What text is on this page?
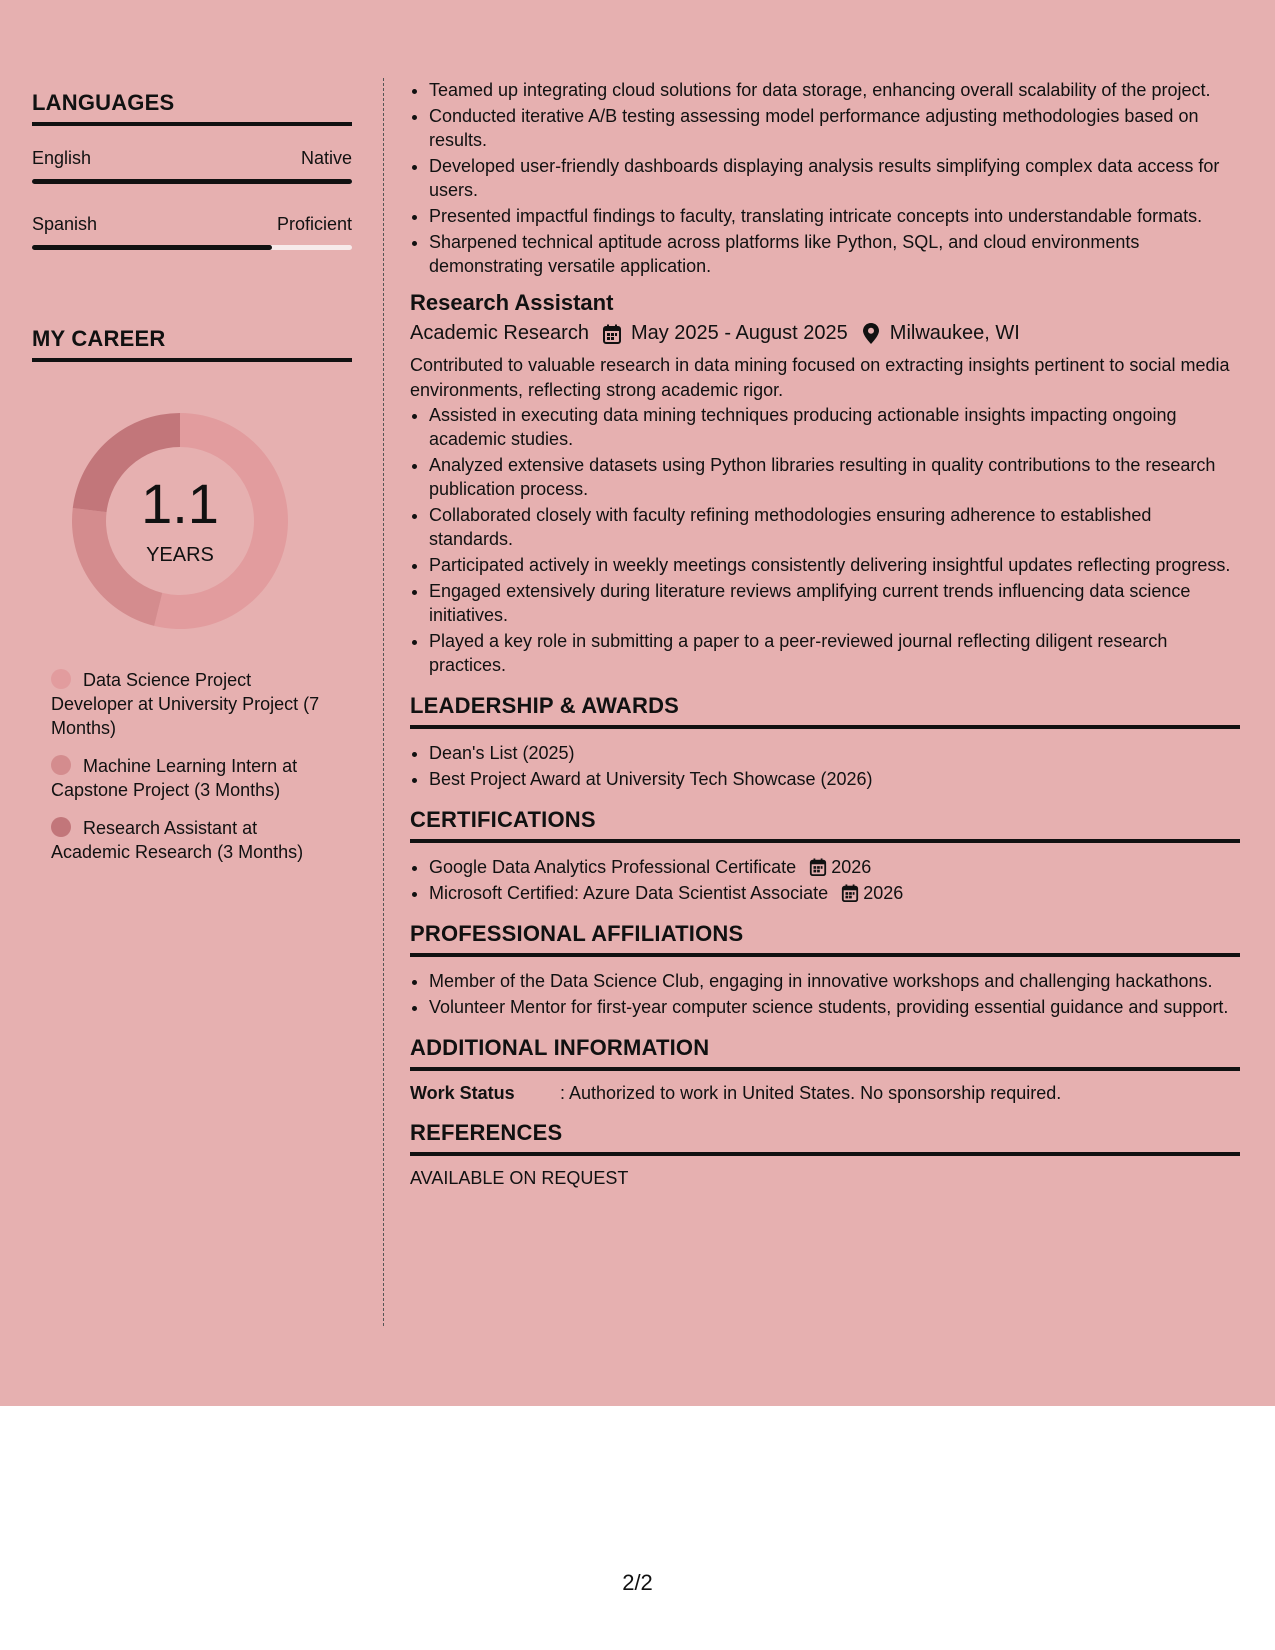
LANGUAGES
English	Native
Spanish	Proficient
MY CAREER
1.1
YEARS
Data Science Project Developer at University Project (7 Months)
Machine Learning Intern at Capstone Project (3 Months)
Research Assistant at Academic Research (3 Months)
• Teamed up integrating cloud solutions for data storage, enhancing overall scalability of the project.
• Conducted iterative A/B testing assessing model performance adjusting methodologies based on results.
• Developed user-friendly dashboards displaying analysis results simplifying complex data access for users.
• Presented impactful findings to faculty, translating intricate concepts into understandable formats.
• Sharpened technical aptitude across platforms like Python, SQL, and cloud environments demonstrating versatile application.
Research Assistant
Academic Research May 2025 - August 2025 Milwaukee, WI
Contributed to valuable research in data mining focused on extracting insights pertinent to social media environments, reflecting strong academic rigor.
• Assisted in executing data mining techniques producing actionable insights impacting ongoing academic studies.
• Analyzed extensive datasets using Python libraries resulting in quality contributions to the research publication process.
• Collaborated closely with faculty refining methodologies ensuring adherence to established standards.
• Participated actively in weekly meetings consistently delivering insightful updates reflecting progress.
• Engaged extensively during literature reviews amplifying current trends influencing data science initiatives.
• Played a key role in submitting a paper to a peer-reviewed journal reflecting diligent research practices.
LEADERSHIP & AWARDS
• Dean's List (2025)
• Best Project Award at University Tech Showcase (2026)
CERTIFICATIONS
• Google Data Analytics Professional Certificate 2026
• Microsoft Certified: Azure Data Scientist Associate 2026
PROFESSIONAL AFFILIATIONS
• Member of the Data Science Club, engaging in innovative workshops and challenging hackathons.
• Volunteer Mentor for first-year computer science students, providing essential guidance and support.
ADDITIONAL INFORMATION
Work Status	: Authorized to work in United States. No sponsorship required.
REFERENCES
AVAILABLE ON REQUEST
2/2
